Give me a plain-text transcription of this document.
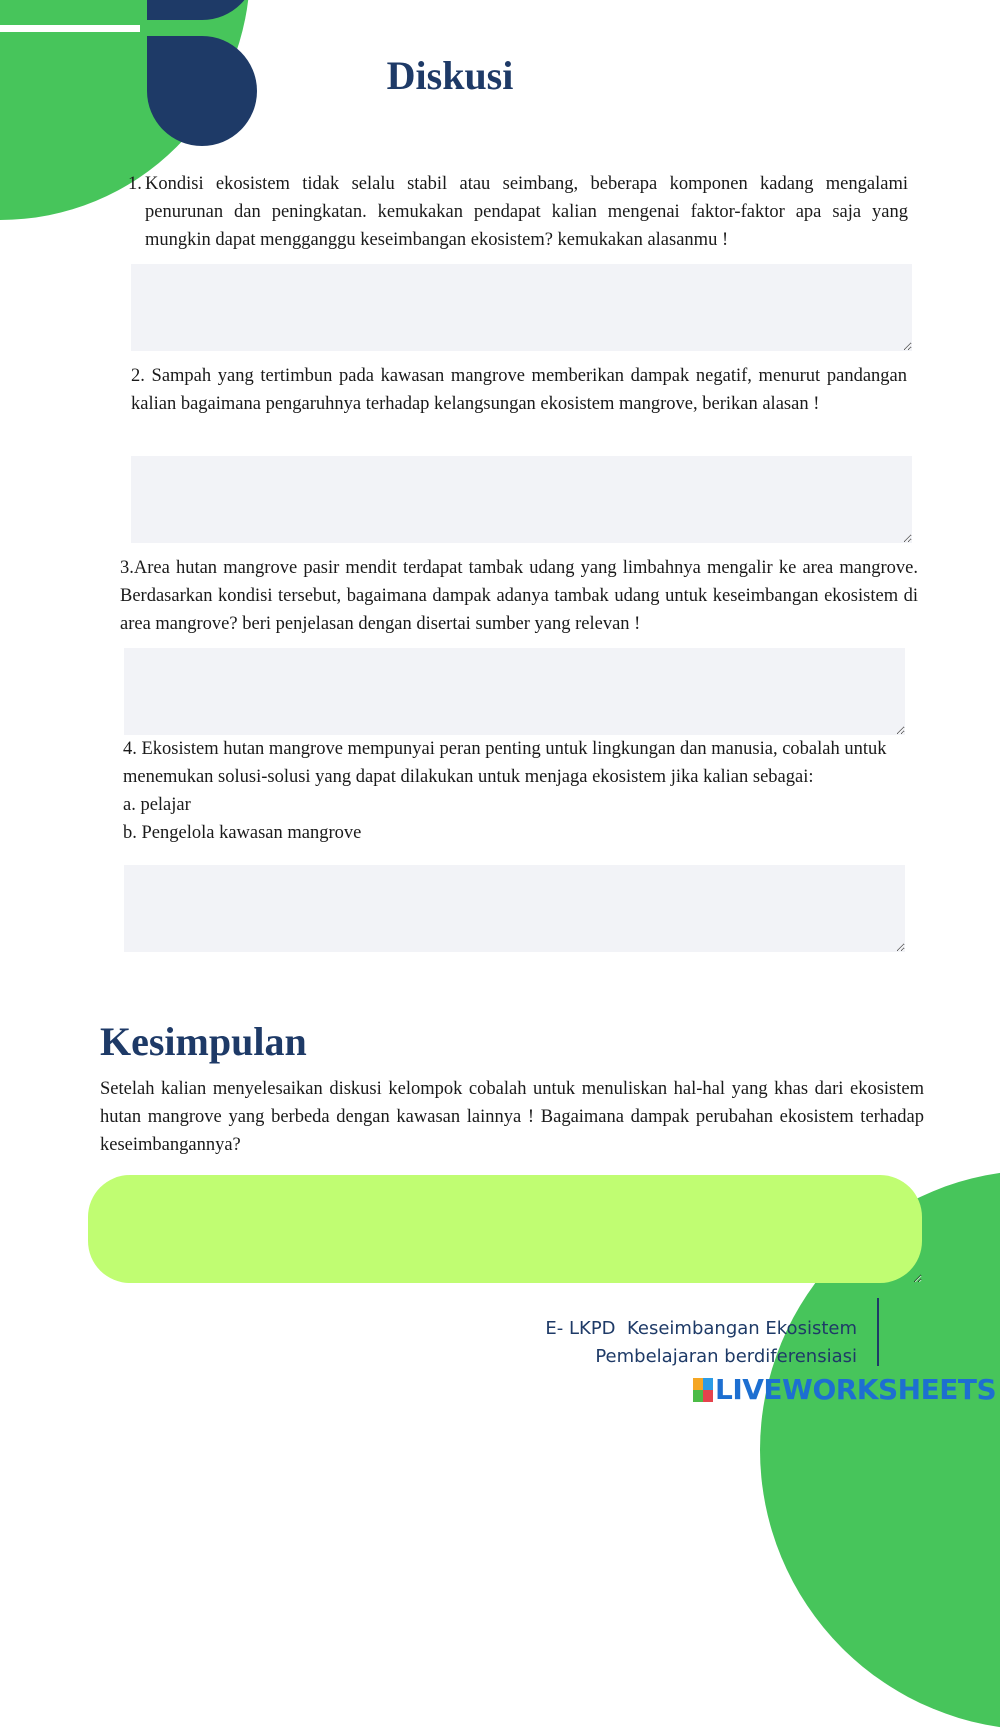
Diskusi
1. Kondisi ekosistem tidak selalu stabil atau seimbang, beberapa komponen kadang mengalami penurunan dan peningkatan. kemukakan pendapat kalian mengenai faktor-faktor apa saja yang mungkin dapat mengganggu keseimbangan ekosistem? kemukakan alasanmu !
2. Sampah yang tertimbun pada kawasan mangrove memberikan dampak negatif, menurut pandangan kalian bagaimana pengaruhnya terhadap kelangsungan ekosistem mangrove, berikan alasan !
3.Area hutan mangrove pasir mendit terdapat tambak udang yang limbahnya mengalir ke area mangrove. Berdasarkan kondisi tersebut, bagaimana dampak adanya tambak udang untuk keseimbangan ekosistem di area mangrove? beri penjelasan dengan disertai sumber yang relevan !
4. Ekosistem hutan mangrove mempunyai peran penting untuk lingkungan dan manusia, cobalah untuk menemukan solusi-solusi yang dapat dilakukan untuk menjaga ekosistem jika kalian sebagai:
a. pelajar
b. Pengelola kawasan mangrove
Kesimpulan
Setelah kalian menyelesaikan diskusi kelompok cobalah untuk menuliskan hal-hal yang khas dari ekosistem hutan mangrove yang berbeda dengan kawasan lainnya ! Bagaimana dampak perubahan ekosistem terhadap keseimbangannya?
E- LKPD  Keseimbangan Ekosistem
Pembelajaran berdiferensiasi
LIVEWORKSHEETS
